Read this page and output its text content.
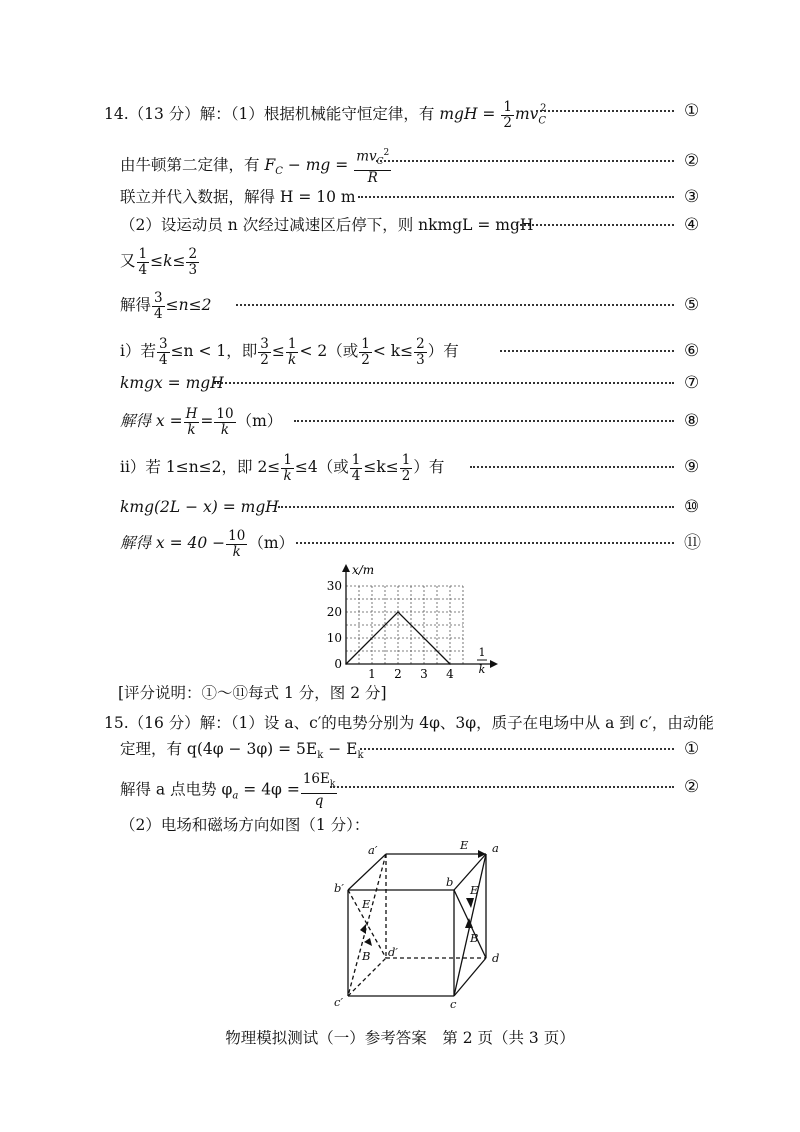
14.（13 分）解：（1）根据机械能守恒定律，有 mgH = $\frac{1}{2} mv_C^2$	①
由牛顿第二定律，有 $F_C$ − mg = $\frac{mv_C^2}{R}$	②
联立并代入数据，解得 H = 10 m	③
（2）设运动员 n 次经过减速区后停下，则 nkmgL = mgH	④
又 $\frac{1}{4} \le k\le \frac{2}{3}$
解得 $\frac{3}{4} \le n\le 2$	⑤
i）若 $\frac{3}{4} \le n < 1$，即 $\frac{3}{2} \le \frac{1}{k} < 2$（或 $\frac{1}{2} < k\le \frac{2}{3}$ ）有	⑥
kmgx = mgH	⑦
解得 $x = \frac{H}{k} = \frac{10}{k} (m)$	⑧
ii）若 1≤n≤2，即 $2\le \frac{1}{k} \le 4$（或 $\frac{1}{4} \le k\le \frac{1}{2}$ ）有	⑨
kmg(2L − x) = mgH	⑩
解得 $x = 40 - \frac{10}{k} (m)$	⑪
x/m
1
k
1 2 3 4
0
10
20
30
[评分说明：①～⑪每式 1 分，图 2 分]
15.（16 分）解：（1）设 a、c′的电势分别为 4φ、3φ，质子在电场中从 a 到 c′，由动能
定理，有 $q(4\varphi - 3\varphi) = 5E_k - E_k$	①
解得 a 点电势 $\varphi_a = 4\varphi = \frac{16E_k}{q}$	②
（2）电场和磁场方向如图（1 分）：
a′	a
b′	b
c′	c
d′	d
E
E
B
E
B
物理模拟测试（一）参考答案　第 2 页（共 3 页）
